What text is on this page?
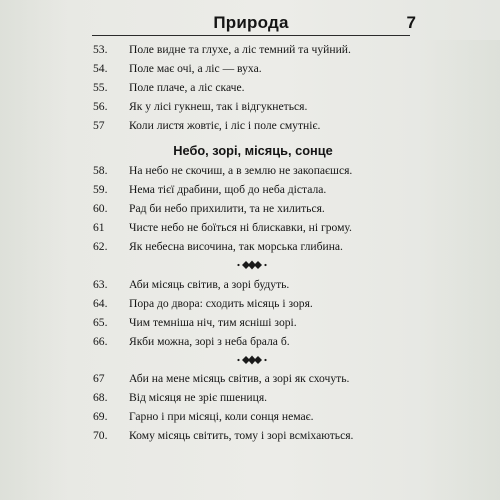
Природа	7
53.	Поле видне та глухе, а ліс темний та чуйний.
54.	Поле має очі, а ліс — вуха.
55.	Поле плаче, а ліс скаче.
56.	Як у лісі гукнеш, так і відгукнеться.
57	Коли листя жовтіє, і ліс і поле смутніє.
Небо, зорі, місяць, сонце
58.	На небо не скочиш, а в землю не закопаєшся.
59.	Нема тієї драбини, щоб до неба дістала.
60.	Рад би небо прихилити, та не хилиться.
61	Чисте небо не боїться ні блискавки, ні грому.
62.	Як небесна височина, так морська глибина.
63.	Аби місяць світив, а зорі будуть.
64.	Пора до двора: сходить місяць і зоря.
65.	Чим темніша ніч, тим ясніші зорі.
66.	Якби можна, зорі з неба брала б.
67	Аби на мене місяць світив, а зорі як схочуть.
68.	Від місяця не зріє пшениця.
69.	Гарно і при місяці, коли сонця немає.
70.	Кому місяць світить, тому і зорі всміхаються.
